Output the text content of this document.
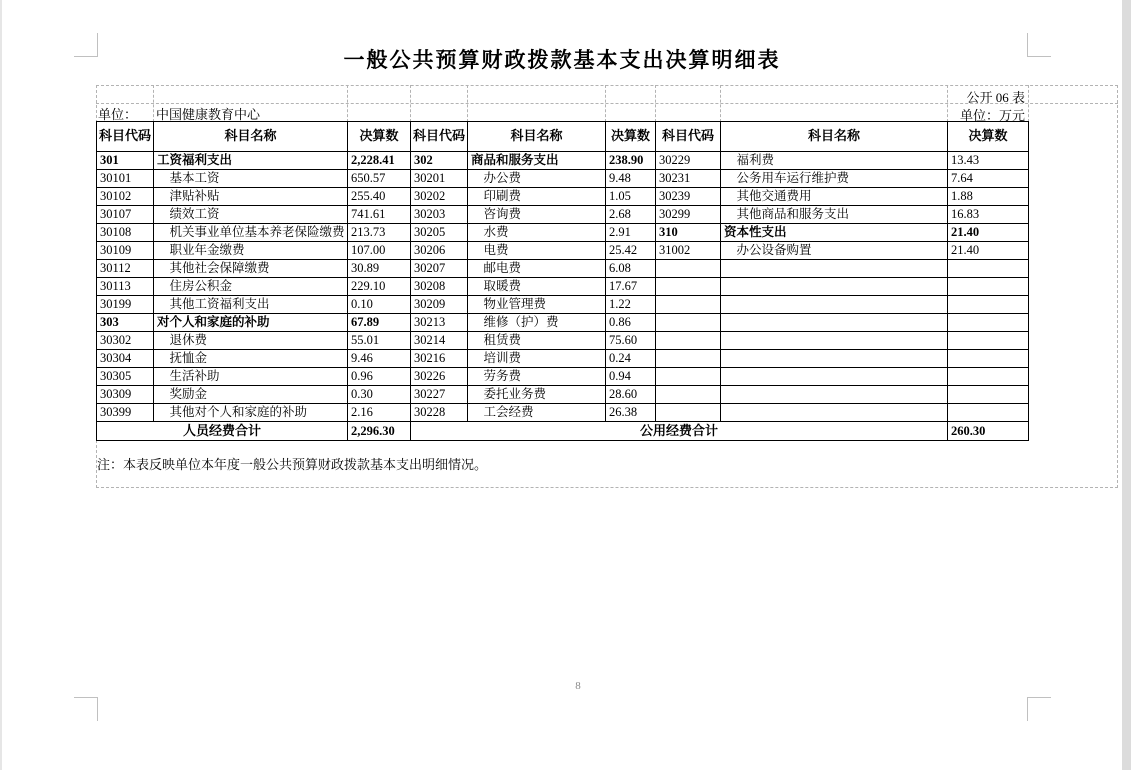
一般公共预算财政拨款基本支出决算明细表
公开 06 表
单位：万元
单位： 中国健康教育中心
科目代码	科目名称	决算数	科目代码	科目名称	决算数	科目代码	科目名称	决算数
301	工资福利支出	2,228.41	302	商品和服务支出	238.90	30229	　福利费	13.43
30101	　基本工资	650.57	30201	　办公费	9.48	30231	　公务用车运行维护费	7.64
30102	　津贴补贴	255.40	30202	　印刷费	1.05	30239	　其他交通费用	1.88
30107	　绩效工资	741.61	30203	　咨询费	2.68	30299	　其他商品和服务支出	16.83
30108	　机关事业单位基本养老保险缴费	213.73	30205	　水费	2.91	310	资本性支出	21.40
30109	　职业年金缴费	107.00	30206	　电费	25.42	31002	　办公设备购置	21.40
30112	　其他社会保障缴费	30.89	30207	　邮电费	6.08			
30113	　住房公积金	229.10	30208	　取暖费	17.67			
30199	　其他工资福利支出	0.10	30209	　物业管理费	1.22			
303	对个人和家庭的补助	67.89	30213	　维修（护）费	0.86			
30302	　退休费	55.01	30214	　租赁费	75.60			
30304	　抚恤金	9.46	30216	　培训费	0.24			
30305	　生活补助	0.96	30226	　劳务费	0.94			
30309	　奖励金	0.30	30227	　委托业务费	28.60			
30399	　其他对个人和家庭的补助	2.16	30228	　工会经费	26.38			
人员经费合计		2,296.30	公用经费合计					260.30
注：本表反映单位本年度一般公共预算财政拨款基本支出明细情况。
8
